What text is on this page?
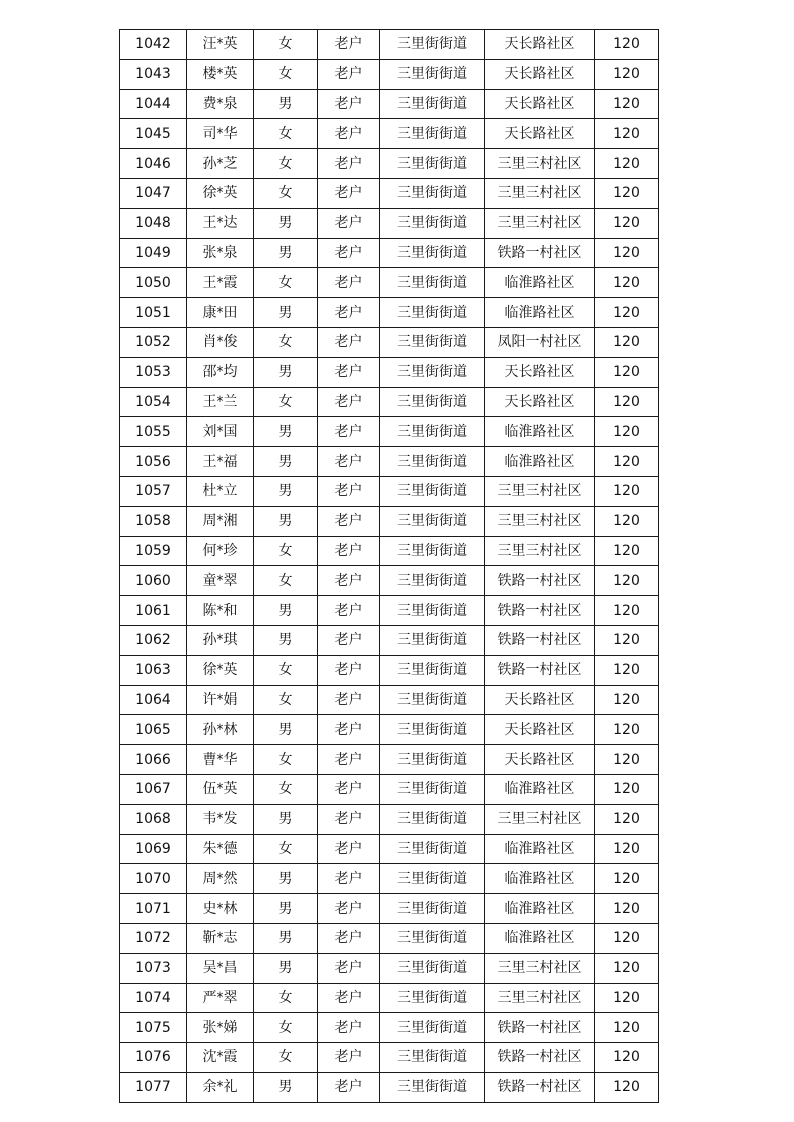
1042	汪*英	女	老户	三里街街道	天长路社区	120
1043	楼*英	女	老户	三里街街道	天长路社区	120
1044	费*泉	男	老户	三里街街道	天长路社区	120
1045	司*华	女	老户	三里街街道	天长路社区	120
1046	孙*芝	女	老户	三里街街道	三里三村社区	120
1047	徐*英	女	老户	三里街街道	三里三村社区	120
1048	王*达	男	老户	三里街街道	三里三村社区	120
1049	张*泉	男	老户	三里街街道	铁路一村社区	120
1050	王*霞	女	老户	三里街街道	临淮路社区	120
1051	康*田	男	老户	三里街街道	临淮路社区	120
1052	肖*俊	女	老户	三里街街道	凤阳一村社区	120
1053	邵*均	男	老户	三里街街道	天长路社区	120
1054	王*兰	女	老户	三里街街道	天长路社区	120
1055	刘*国	男	老户	三里街街道	临淮路社区	120
1056	王*福	男	老户	三里街街道	临淮路社区	120
1057	杜*立	男	老户	三里街街道	三里三村社区	120
1058	周*湘	男	老户	三里街街道	三里三村社区	120
1059	何*珍	女	老户	三里街街道	三里三村社区	120
1060	童*翠	女	老户	三里街街道	铁路一村社区	120
1061	陈*和	男	老户	三里街街道	铁路一村社区	120
1062	孙*琪	男	老户	三里街街道	铁路一村社区	120
1063	徐*英	女	老户	三里街街道	铁路一村社区	120
1064	许*娟	女	老户	三里街街道	天长路社区	120
1065	孙*林	男	老户	三里街街道	天长路社区	120
1066	曹*华	女	老户	三里街街道	天长路社区	120
1067	伍*英	女	老户	三里街街道	临淮路社区	120
1068	韦*发	男	老户	三里街街道	三里三村社区	120
1069	朱*德	女	老户	三里街街道	临淮路社区	120
1070	周*然	男	老户	三里街街道	临淮路社区	120
1071	史*林	男	老户	三里街街道	临淮路社区	120
1072	靳*志	男	老户	三里街街道	临淮路社区	120
1073	吴*昌	男	老户	三里街街道	三里三村社区	120
1074	严*翠	女	老户	三里街街道	三里三村社区	120
1075	张*娣	女	老户	三里街街道	铁路一村社区	120
1076	沈*霞	女	老户	三里街街道	铁路一村社区	120
1077	余*礼	男	老户	三里街街道	铁路一村社区	120
